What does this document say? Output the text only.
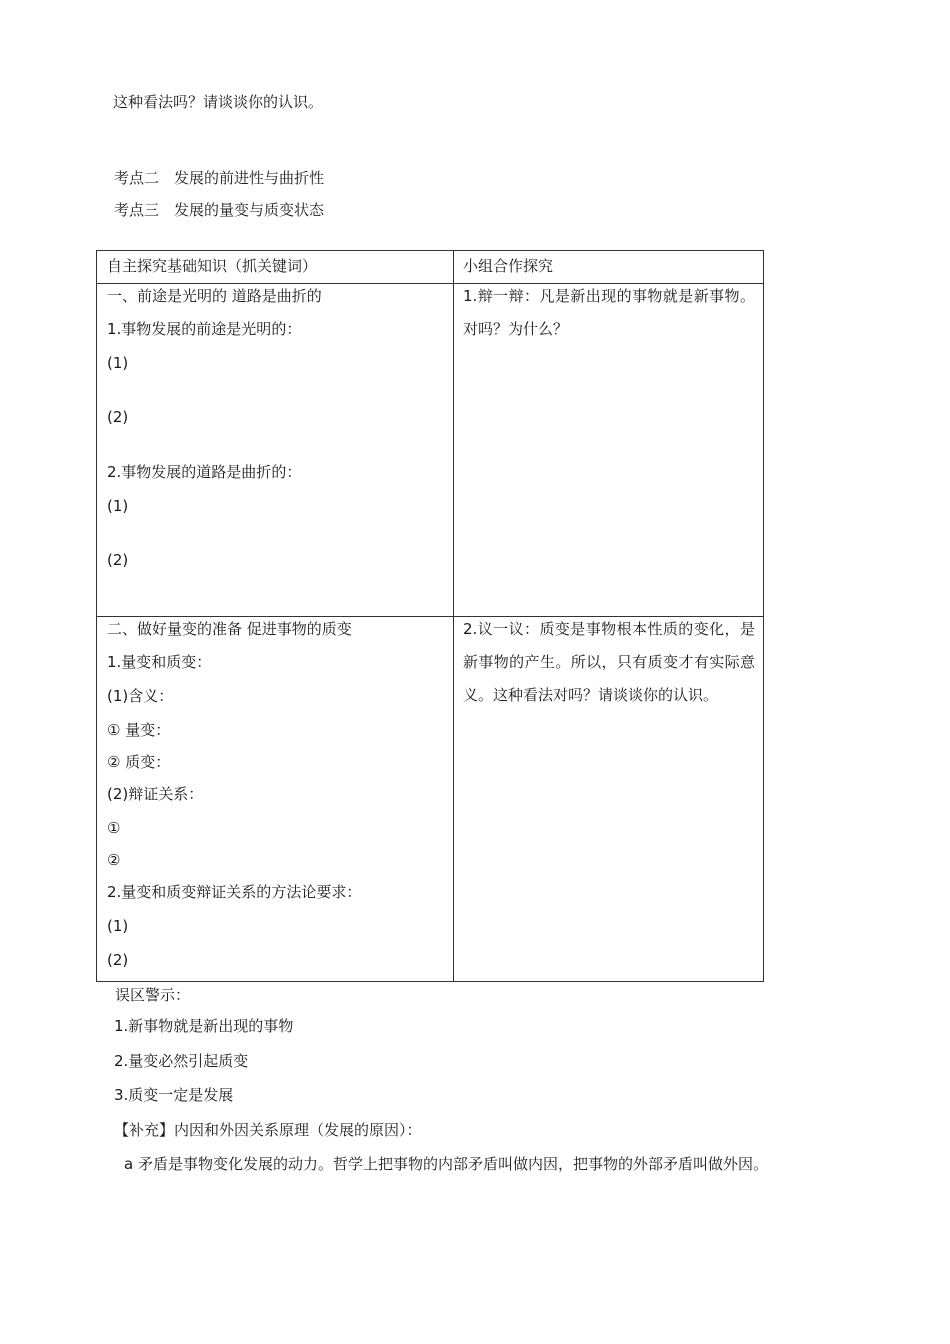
这种看法吗？请谈谈你的认识。
考点二　发展的前进性与曲折性
考点三　发展的量变与质变状态
自主探究基础知识（抓关键词）	小组合作探究
一、前途是光明的 道路是曲折的
1.事物发展的前途是光明的：
(1)
(2)
2.事物发展的道路是曲折的：
(1)
(2)
1.辩一辩：凡是新出现的事物就是新事物。对吗？为什么？
二、做好量变的准备 促进事物的质变
1.量变和质变：
(1)含义：
① 量变：
② 质变：
(2)辩证关系：
①
②
2.量变和质变辩证关系的方法论要求：
(1)
(2)
2.议一议：质变是事物根本性质的变化，是新事物的产生。所以，只有质变才有实际意义。这种看法对吗？请谈谈你的认识。
误区警示：
1.新事物就是新出现的事物
2.量变必然引起质变
3.质变一定是发展
【补充】内因和外因关系原理（发展的原因）：
a 矛盾是事物变化发展的动力。哲学上把事物的内部矛盾叫做内因，把事物的外部矛盾叫做外因。
